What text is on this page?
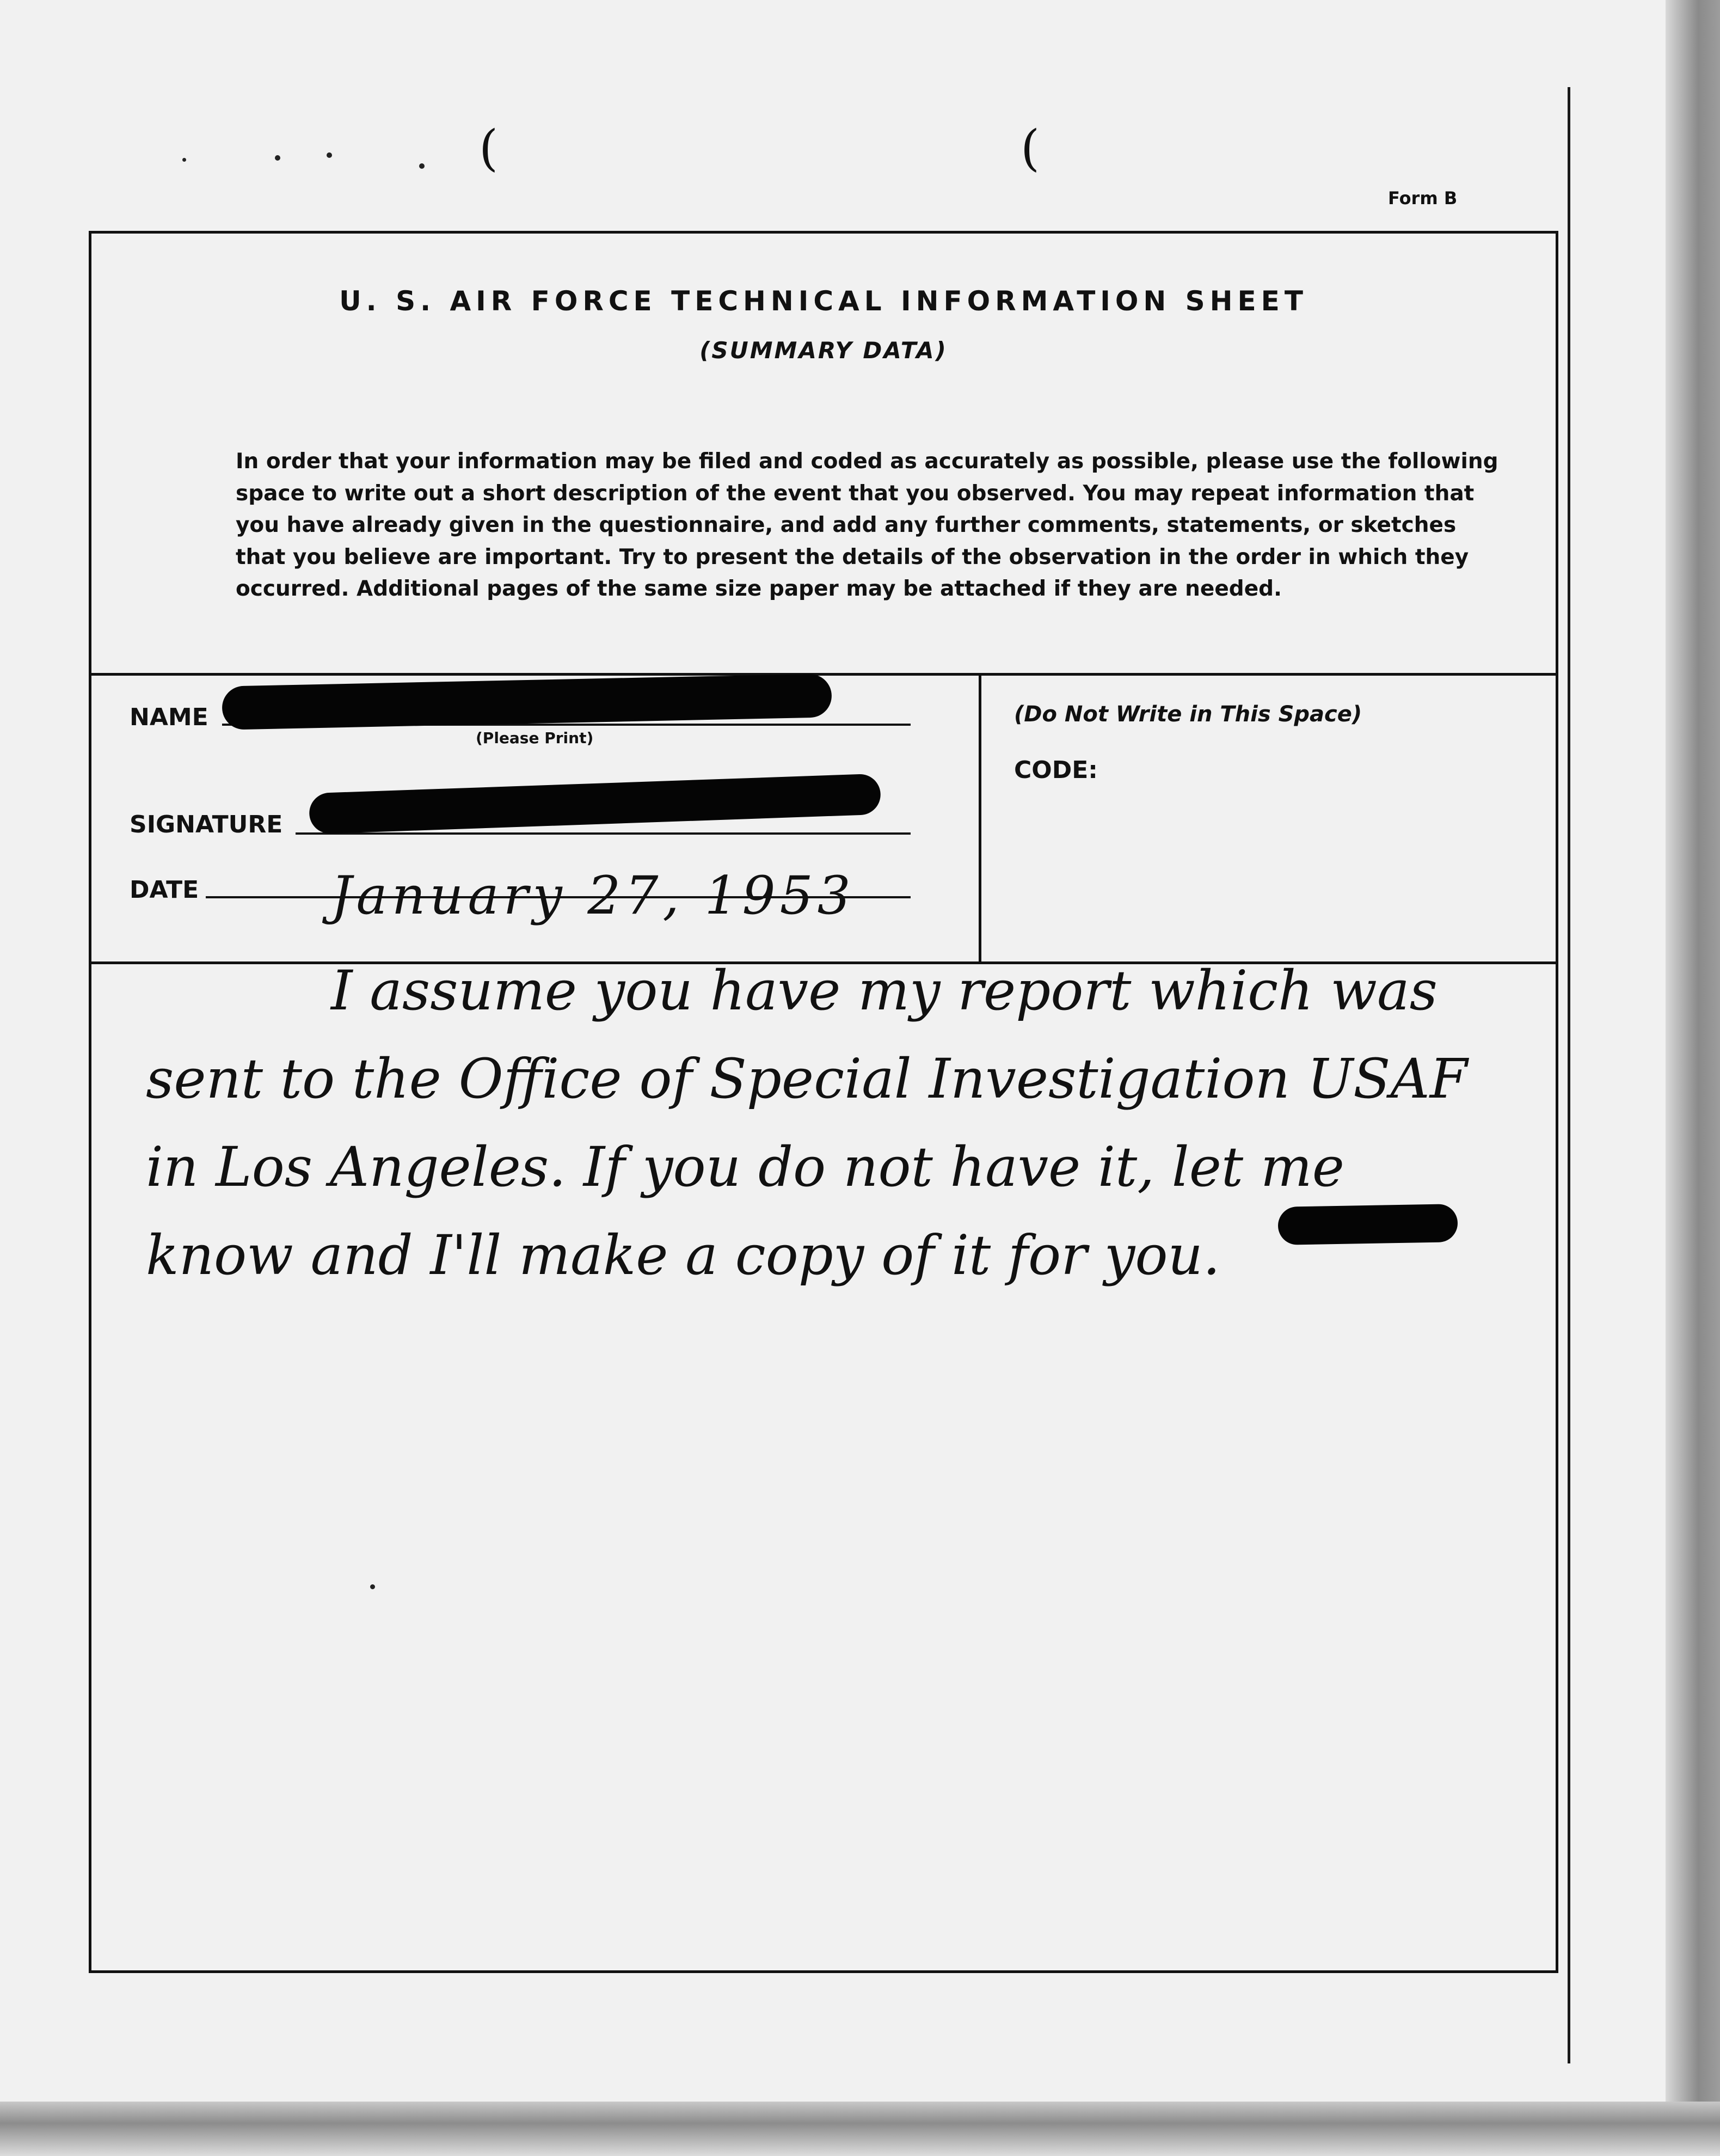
(	(
Form B
U. S. AIR FORCE TECHNICAL INFORMATION SHEET
(SUMMARY DATA)

In order that your information may be filed and coded as accurately as possible, please use the following space to write out a short description of the event that you observed. You may repeat information that you have already given in the questionnaire, and add any further comments, statements, or sketches that you believe are important. Try to present the details of the observation in the order in which they occurred. Additional pages of the same size paper may be attached if they are needed.

NAME
(Please Print)
SIGNATURE
DATE	January 27, 1953
(Do Not Write in This Space)
CODE:
I assume you have my report which was
sent to the Office of Special Investigation USAF
in Los Angeles. If you do not have it, let me
know and I'll make a copy of it for you.
